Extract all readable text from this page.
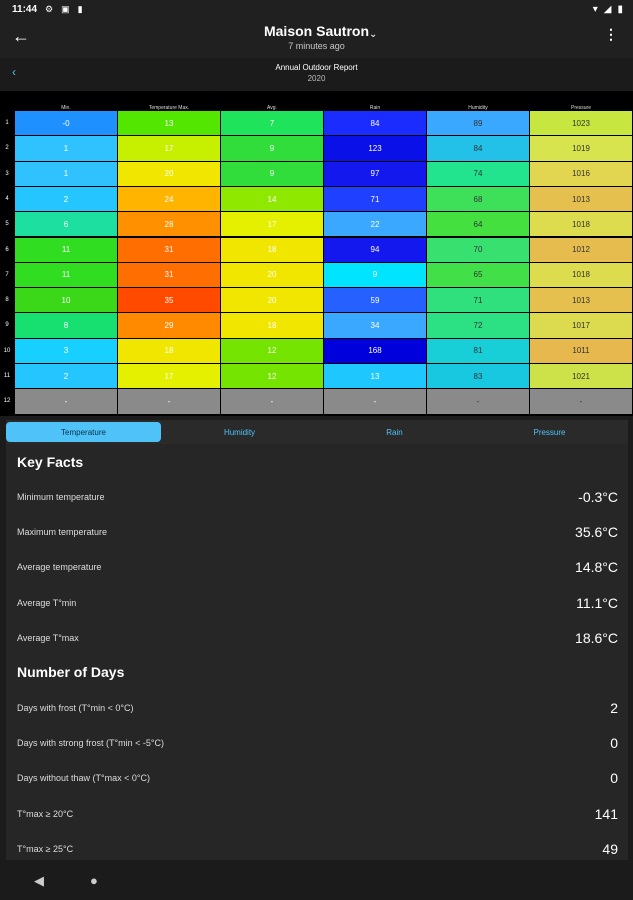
11:44 ⚙ ▣ ▮	▾ ◢ ▮
←	Maison Sautron
7 minutes ago
⌄	⋮
‹	Annual Outdoor Report
2020
Min.	Temperature Max.	Avg.	Rain	Humidity	Pressure
1	-0	13	7	84	89	1023
2	1	17	9	123	84	1019
3	1	20	9	97	74	1016
4	2	24	14	71	68	1013
5	6	28	17	22	64	1018
6	11	31	18	94	70	1012
7	11	31	20	9	65	1018
8	10	35	20	59	71	1013
9	8	29	18	34	72	1017
10	3	18	12	168	81	1011
11	2	17	12	13	83	1021
12	-	-	-	-	-	-
Temperature	Humidity	Rain	Pressure
Key Facts
Minimum temperature	-0.3°C
Maximum temperature	35.6°C
Average temperature	14.8°C
Average T°min	11.1°C
Average T°max	18.6°C
Number of Days
Days with frost (T°min < 0°C)	2
Days with strong frost (T°min < -5°C)	0
Days without thaw (T°max < 0°C)	0
T°max ≥ 20°C	141
T°max ≥ 25°C	49
◀	●
